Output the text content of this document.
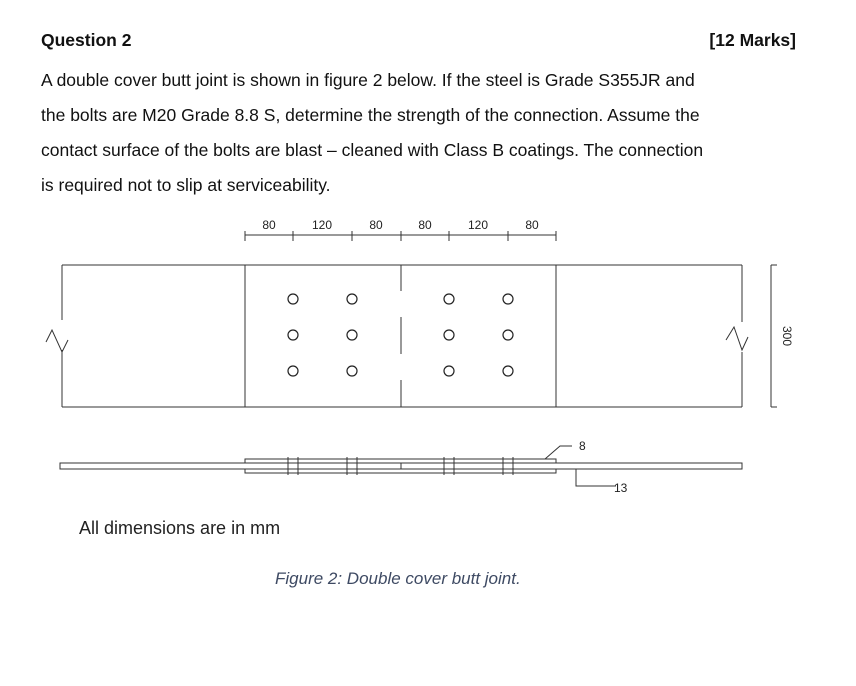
Question 2	[12 Marks]
A double cover butt joint is shown in figure 2 below. If the steel is Grade S355JR and
the bolts are M20 Grade 8.8 S, determine the strength of the connection. Assume the
contact surface of the bolts are blast – cleaned with Class B coatings. The connection
is required not to slip at serviceability.
80	120	80	80	120	80
300
8
13
All dimensions are in mm
Figure 2: Double cover butt joint.
